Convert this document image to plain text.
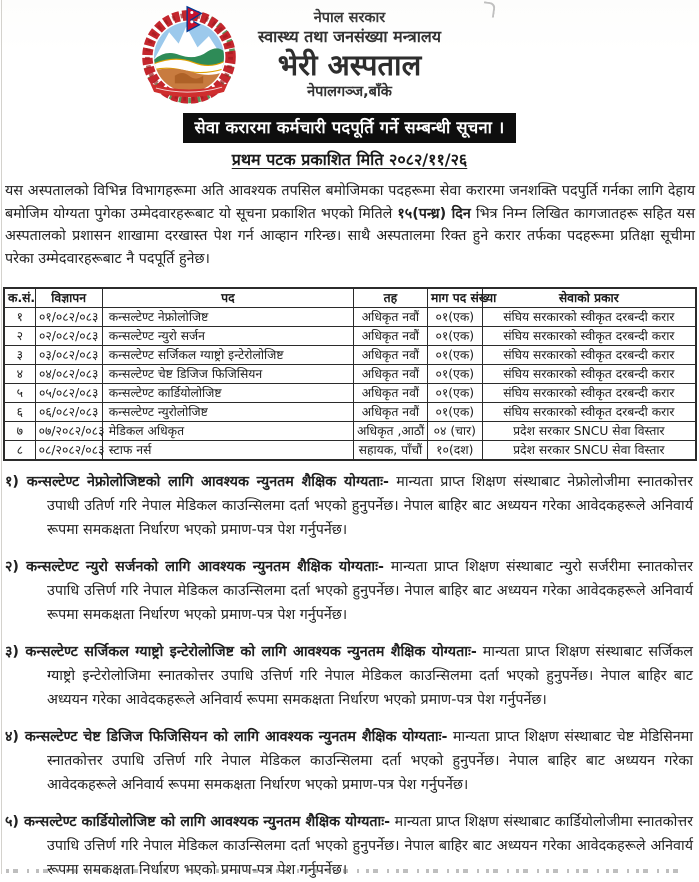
नेपाल सरकार
स्वास्थ्य तथा जनसंख्या मन्त्रालय
भेरी अस्पताल
नेपालगञ्ज,बाँके
सेवा करारमा कर्मचारी पदपूर्ति गर्ने सम्बन्धी सूचना ।
प्रथम पटक प्रकाशित मिति २०८२/११/२६
यस अस्पतालको विभिन्न विभागहरूमा अति आवश्यक तपसिल बमोजिमका पदहरूमा सेवा करारमा जनशक्ति पदपुर्ति गर्नका लागि देहाय बमोजिम योग्यता पुगेका उम्मेदवारहरूबाट यो सूचना प्रकाशित भएको मितिले १५(पन्ध्र) दिन भित्र निम्न लिखित कागजातहरू सहित यस अस्पतालको प्रशासन शाखामा दरखास्त पेश गर्न आव्हान गरिन्छ। साथै अस्पतालमा रिक्त हुने करार तर्फका पदहरूमा प्रतिक्षा सूचीमा परेका उम्मेदवारहरूबाट नै पदपूर्ति हुनेछ।
क.सं.	विज्ञापन	पद	तह	माग पद संख्या	सेवाको प्रकार
१	०१/०८२/०८३	कन्सल्टेण्ट नेफ्रोलोजिष्ट	अधिकृत नवौं	०१(एक)	संघिय सरकारको स्वीकृत दरबन्दी करार
२	०२/०८२/०८३	कन्सल्टेण्ट न्युरो सर्जन	अधिकृत नवौं	०१(एक)	संघिय सरकारको स्वीकृत दरबन्दी करार
३	०३/०८२/०८३	कन्सल्टेण्ट सर्जिकल ग्याष्ट्रो इन्टेरोलोजिष्ट	अधिकृत नवौं	०१(एक)	संघिय सरकारको स्वीकृत दरबन्दी करार
४	०४/०८२/०८३	कन्सल्टेण्ट चेष्ट डिजिज फिजिसियन	अधिकृत नवौं	०१(एक)	संघिय सरकारको स्वीकृत दरबन्दी करार
५	०५/०८२/०८३	कन्सल्टेण्ट कार्डियोलोजिष्ट	अधिकृत नवौं	०१(एक)	संघिय सरकारको स्वीकृत दरबन्दी करार
६	०६/०८२/०८३	कन्सल्टेण्ट न्युरोलोजिष्ट	अधिकृत नवौं	०१(एक)	संघिय सरकारको स्वीकृत दरबन्दी करार
७	०७/२०८२/०८३	मेडिकल अधिकृत	अधिकृत ,आठौं	०४ (चार)	प्रदेश सरकार SNCU सेवा विस्तार
८	०८/२०८२/०८३	स्टाफ नर्स	सहायक, पाँचौं	१०(दश)	प्रदेश सरकार SNCU सेवा विस्तार
१) कन्सल्टेण्ट नेफ्रोलोजिष्टको लागि आवश्यक न्युनतम शैक्षिक योग्यताः- मान्यता प्राप्त शिक्षण संस्थाबाट नेफ्रोलोजीमा स्नातकोत्तर उपाधी उतिर्ण गरि नेपाल मेडिकल काउन्सिलमा दर्ता भएको हुनुपर्नेछ। नेपाल बाहिर बाट अध्ययन गरेका आवेदकहरूले अनिवार्य रूपमा समकक्षता निर्धारण भएको प्रमाण-पत्र पेश गर्नुपर्नेछ।
२) कन्सल्टेण्ट न्युरो सर्जनको लागि आवश्यक न्युनतम शैक्षिक योग्यताः- मान्यता प्राप्त शिक्षण संस्थाबाट न्युरो सर्जरीमा स्नातकोत्तर उपाधि उत्तिर्ण गरि नेपाल मेडिकल काउन्सिलमा दर्ता भएको हुनुपर्नेछ। नेपाल बाहिर बाट अध्ययन गरेका आवेदकहरूले अनिवार्य रूपमा समकक्षता निर्धारण भएको प्रमाण-पत्र पेश गर्नुपर्नेछ।
३) कन्सल्टेण्ट सर्जिकल ग्याष्ट्रो इन्टेरोलोजिष्ट को लागि आवश्यक न्युनतम शैक्षिक योग्यताः- मान्यता प्राप्त शिक्षण संस्थाबाट सर्जिकल ग्याष्ट्रो इन्टेरोलोजिमा स्नातकोत्तर उपाधि उत्तिर्ण गरि नेपाल मेडिकल काउन्सिलमा दर्ता भएको हुनुपर्नेछ। नेपाल बाहिर बाट अध्ययन गरेका आवेदकहरूले अनिवार्य रूपमा समकक्षता निर्धारण भएको प्रमाण-पत्र पेश गर्नुपर्नेछ।
४) कन्सल्टेण्ट चेष्ट डिजिज फिजिसियन को लागि आवश्यक न्युनतम शैक्षिक योग्यताः- मान्यता प्राप्त शिक्षण संस्थाबाट चेष्ट मेडिसिनमा स्नातकोत्तर उपाधि उत्तिर्ण गरि नेपाल मेडिकल काउन्सिलमा दर्ता भएको हुनुपर्नेछ। नेपाल बाहिर बाट अध्ययन गरेका आवेदकहरूले अनिवार्य रूपमा समकक्षता निर्धारण भएको प्रमाण-पत्र पेश गर्नुपर्नेछ।
५) कन्सल्टेण्ट कार्डियोलोजिष्ट को लागि आवश्यक न्युनतम शैक्षिक योग्यताः- मान्यता प्राप्त शिक्षण संस्थाबाट कार्डियोलोजीमा स्नातकोत्तर उपाधि उत्तिर्ण गरि नेपाल मेडिकल काउन्सिलमा दर्ता भएको हुनुपर्नेछ। नेपाल बाहिर बाट अध्ययन गरेका आवेदकहरूले अनिवार्य रूपमा समकक्षता निर्धारण भएको प्रमाण-पत्र पेश गर्नुपर्नेछ।
